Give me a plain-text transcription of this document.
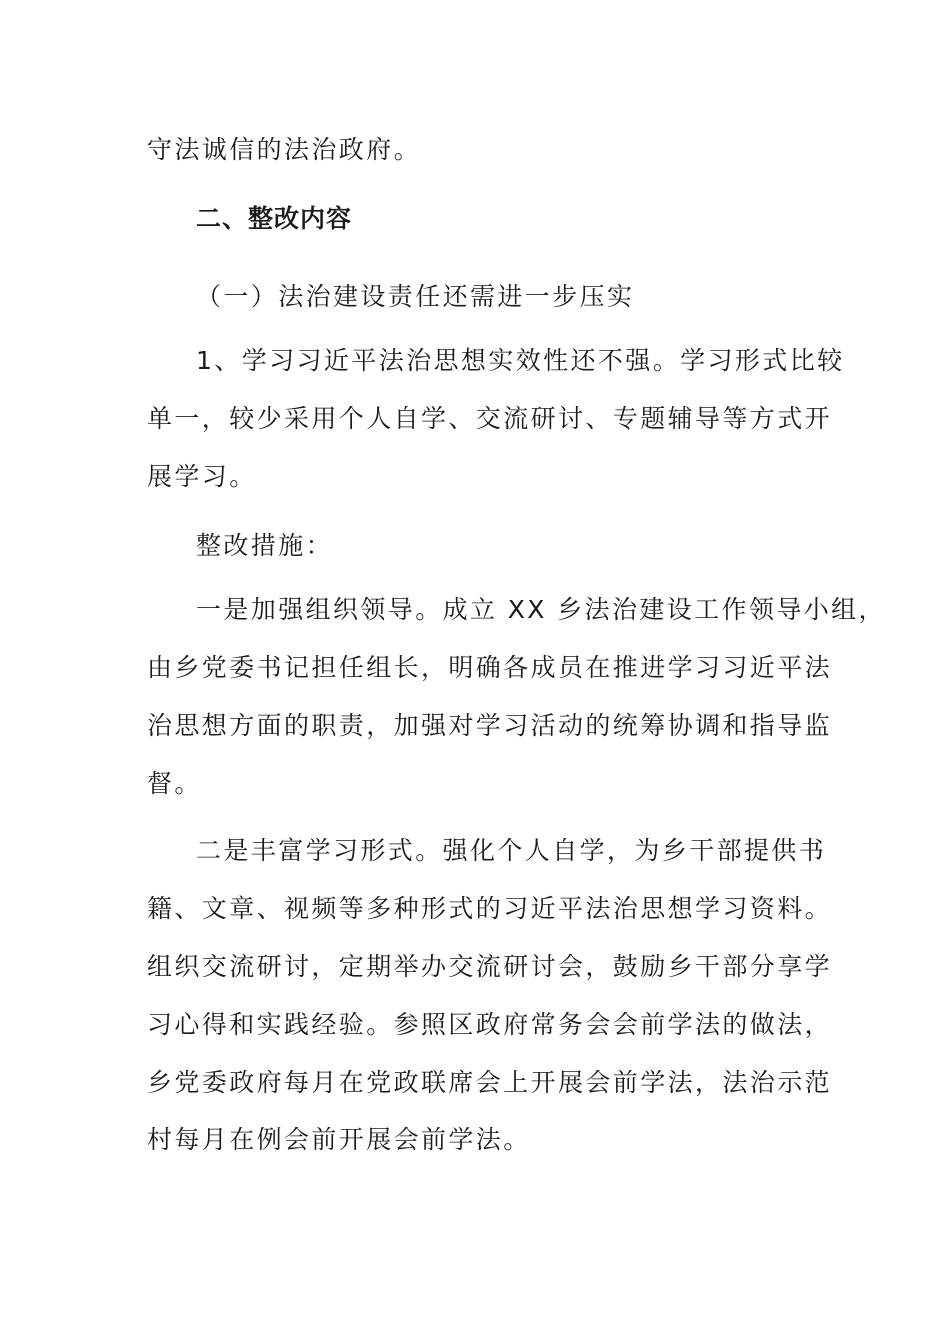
守法诚信的法治政府。
二、整改内容
（一）法治建设责任还需进一步压实
1、学习习近平法治思想实效性还不强。学习形式比较
单一，较少采用个人自学、交流研讨、专题辅导等方式开
展学习。
整改措施：
一是加强组织领导。成立 XX 乡法治建设工作领导小组，
由乡党委书记担任组长，明确各成员在推进学习习近平法
治思想方面的职责，加强对学习活动的统筹协调和指导监
督。
二是丰富学习形式。强化个人自学，为乡干部提供书
籍、文章、视频等多种形式的习近平法治思想学习资料。
组织交流研讨，定期举办交流研讨会，鼓励乡干部分享学
习心得和实践经验。参照区政府常务会会前学法的做法，
乡党委政府每月在党政联席会上开展会前学法，法治示范
村每月在例会前开展会前学法。
